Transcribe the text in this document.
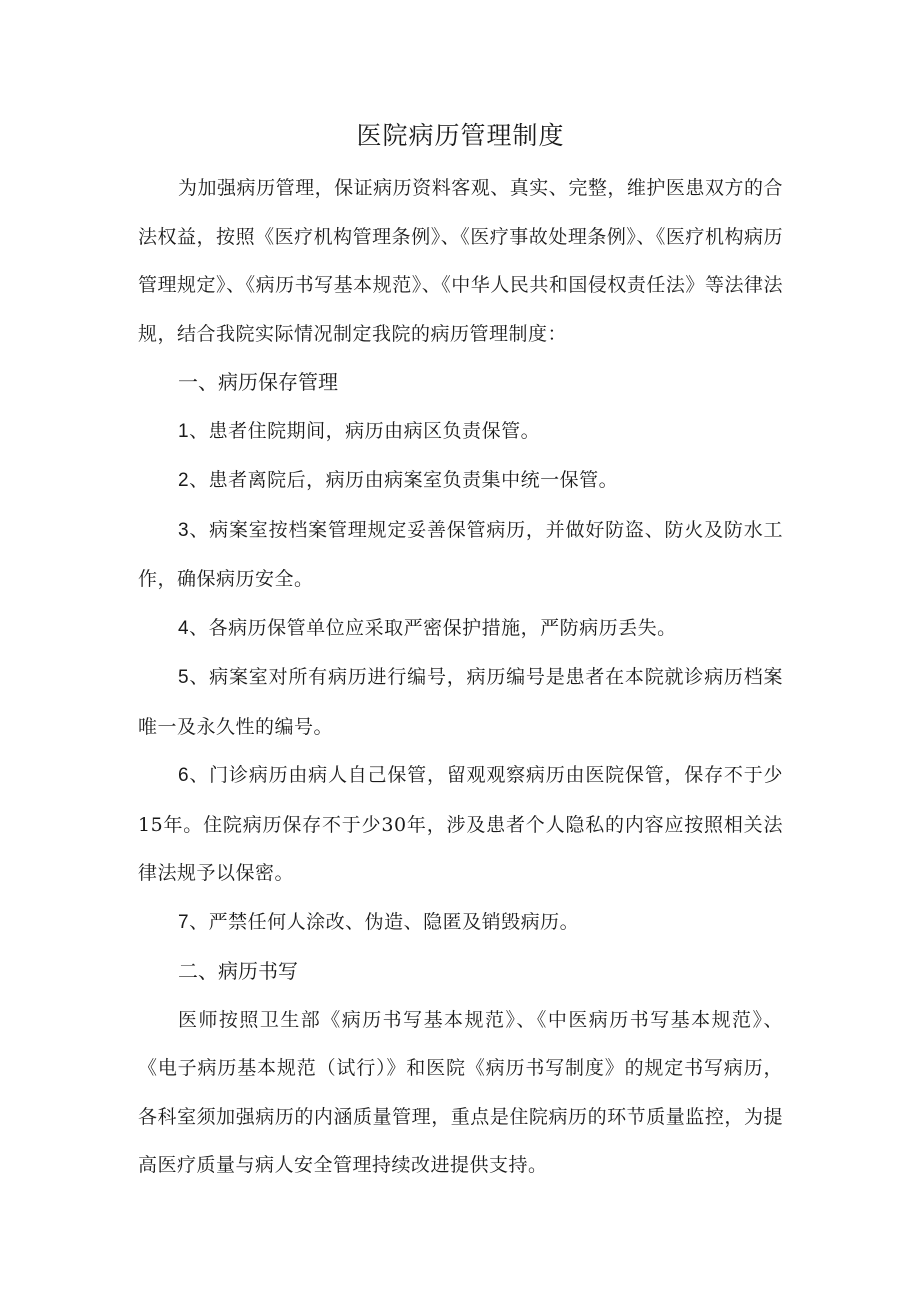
医院病历管理制度

为加强病历管理，保证病历资料客观、真实、完整，维护医患双方的合法权益，按照《医疗机构管理条例》、《医疗事故处理条例》、《医疗机构病历管理规定》、《病历书写基本规范》、《中华人民共和国侵权责任法》等法律法规，结合我院实际情况制定我院的病历管理制度：

一、病历保存管理

1、患者住院期间，病历由病区负责保管。

2、患者离院后，病历由病案室负责集中统一保管。

3、病案室按档案管理规定妥善保管病历，并做好防盗、防火及防水工作，确保病历安全。

4、各病历保管单位应采取严密保护措施，严防病历丢失。

5、病案室对所有病历进行编号，病历编号是患者在本院就诊病历档案唯一及永久性的编号。

6、门诊病历由病人自己保管，留观观察病历由医院保管，保存不于少15年。住院病历保存不于少30年，涉及患者个人隐私的内容应按照相关法律法规予以保密。

7、严禁任何人涂改、伪造、隐匿及销毁病历。

二、病历书写

医师按照卫生部《病历书写基本规范》、《中医病历书写基本规范》、《电子病历基本规范（试行）》和医院《病历书写制度》的规定书写病历，各科室须加强病历的内涵质量管理，重点是住院病历的环节质量监控，为提高医疗质量与病人安全管理持续改进提供支持。
